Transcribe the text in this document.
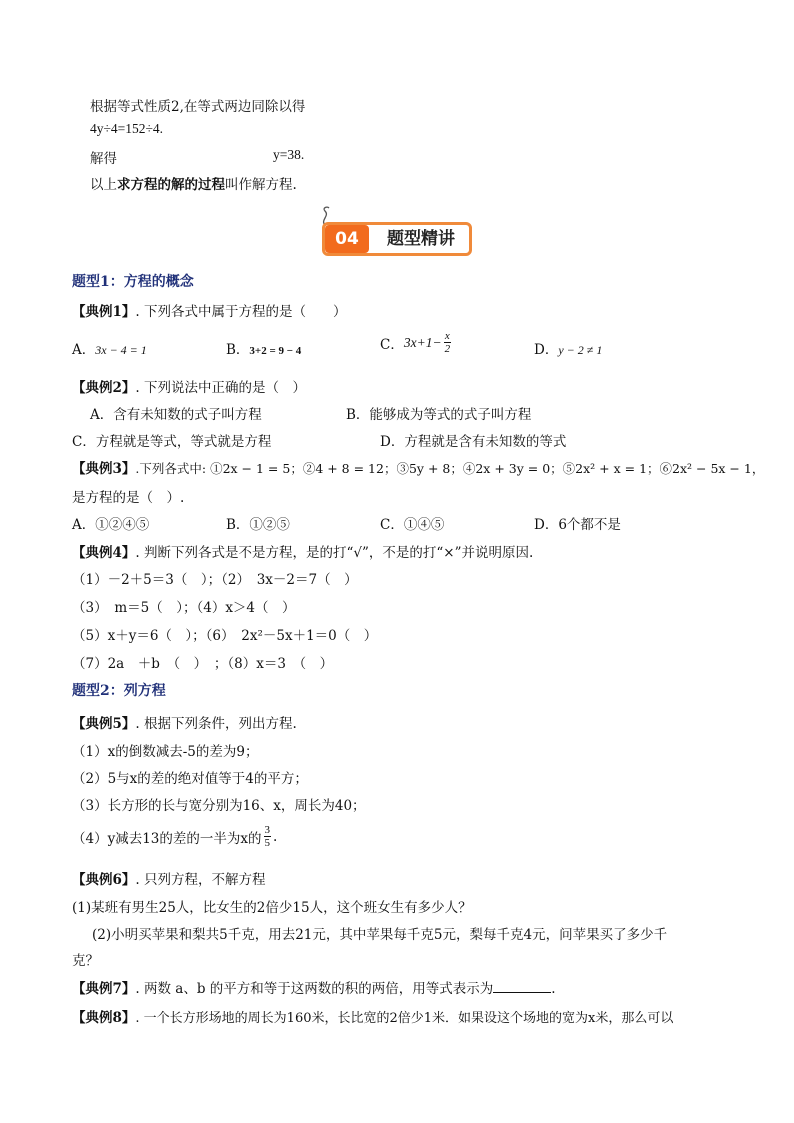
根据等式性质2,在等式两边同除以得
4y÷4=152÷4.
解得	y=38.
以上求方程的解的过程叫作解方程.
04	题型精讲
题型1：方程的概念
【典例1】. 下列各式中属于方程的是（　　）
A．3x − 4 = 1	B．3+2 = 9 − 4	C．$3x+1- \frac{x}{2}$	D．y − 2 ≠ 1
【典例2】. 下列说法中正确的是（　）
A．含有未知数的式子叫方程	B．能够成为等式的式子叫方程
C．方程就是等式，等式就是方程	D．方程就是含有未知数的等式
【典例3】.下列各式中: ①2x − 1 = 5；②4 + 8 = 12；③5y + 8；④2x + 3y = 0；⑤2x² + x = 1；⑥2x² − 5x − 1，
是方程的是（　）.
A．①②④⑤	B．①②⑤	C．①④⑤	D．6个都不是
【典例4】. 判断下列各式是不是方程，是的打“√”，不是的打“×”并说明原因.
（1）－2＋5＝3（　）；（2）　3x－2＝7（　）
（3）　m＝5（　）；（4）x＞4（　）
（5）x＋y＝6（　）；（6）　2x²－5x＋1＝0（　）
（7）2a　＋b　（　）　；（8）x＝3　（　）
题型2：列方程
【典例5】. 根据下列条件，列出方程.
（1）x的倒数减去-5的差为9；
（2）5与x的差的绝对值等于4的平方；
（3）长方形的长与宽分别为16、x，周长为40；
（4）y减去13的差的一半为x的 $\frac{3}{5}$ .
【典例6】. 只列方程，不解方程
(1)某班有男生25人，比女生的2倍少15人，这个班女生有多少人？
(2)小明买苹果和梨共5千克，用去21元，其中苹果每千克5元，梨每千克4元，问苹果买了多少千
克？
【典例7】. 两数 a、b 的平方和等于这两数的积的两倍，用等式表示为	.
【典例8】. 一个长方形场地的周长为160米，长比宽的2倍少1米．如果设这个场地的宽为x米，那么可以
